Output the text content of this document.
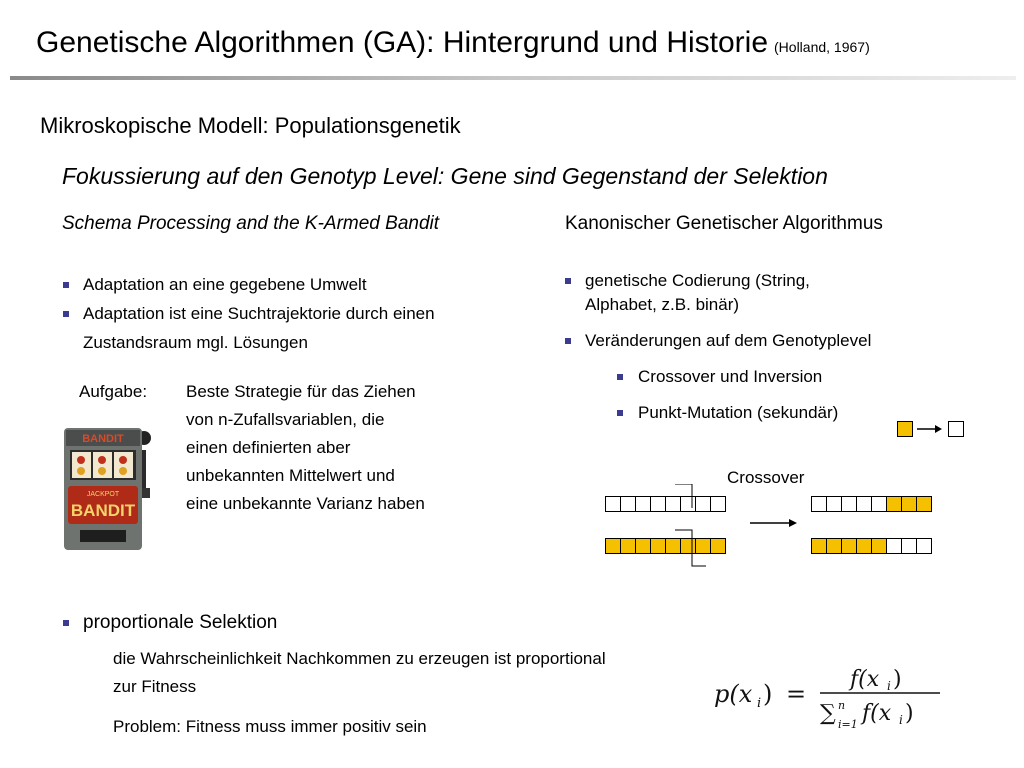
Genetische Algorithmen (GA): Hintergrund und Historie (Holland, 1967)
Mikroskopische Modell: Populationsgenetik
Fokussierung auf den Genotyp Level: Gene sind Gegenstand der Selektion
Schema Processing and the K-Armed Bandit	Kanonischer Genetischer Algorithmus
Adaptation an eine gegebene Umwelt
Adaptation ist eine Suchtrajektorie durch einen
Zustandsraum mgl. Lösungen
Aufgabe: Beste Strategie für das Ziehen
von n-Zufallsvariablen, die
einen definierten aber
unbekannten Mittelwert und
eine unbekannte Varianz haben
BANDIT
JACKPOT
BANDIT
genetische Codierung (String,
Alphabet, z.B. binär)
Veränderungen auf dem Genotyplevel
Crossover und Inversion
Punkt-Mutation (sekundär)
Crossover
proportionale Selektion
die Wahrscheinlichkeit Nachkommen zu erzeugen ist proportional
zur Fitness
Problem: Fitness muss immer positiv sein
p(x i ) =
f(x i )
∑ n
i=1 f(x i )
